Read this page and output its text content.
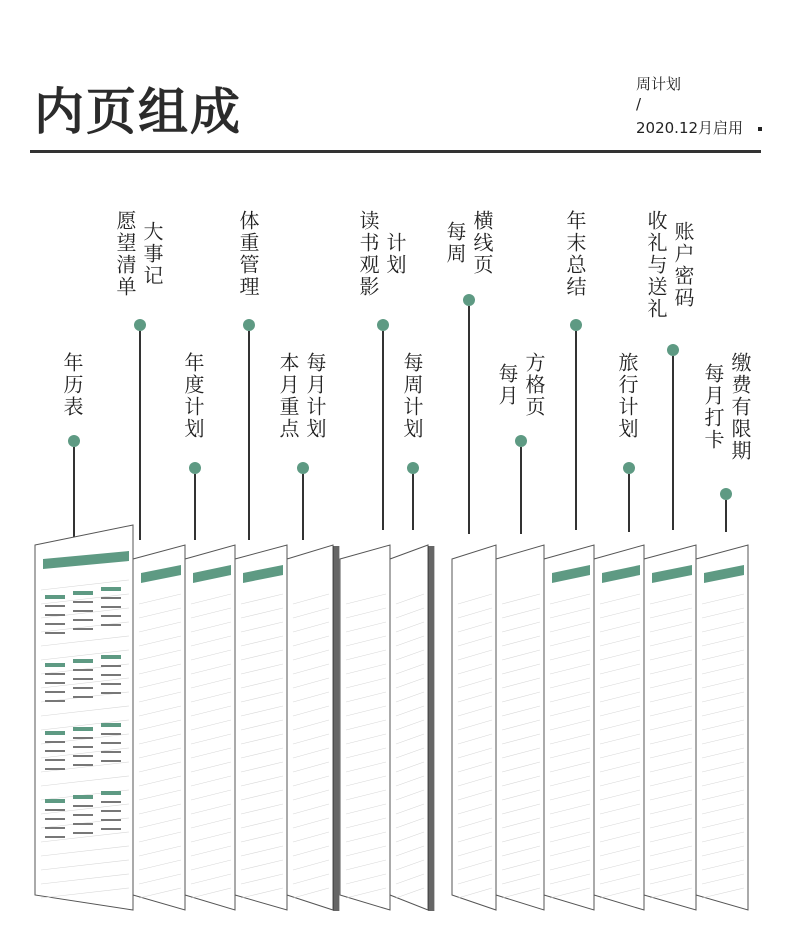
内页组成	周计划
/
2020.12月启用
年历表
大事记
愿望清单
年度计划
体重管理
每月计划
本月重点
计划
读书观影
每周计划
横线页
每周
方格页
每月
年末总结
旅行计划
账户密码
收礼与送礼
缴费有限期
每月打卡
